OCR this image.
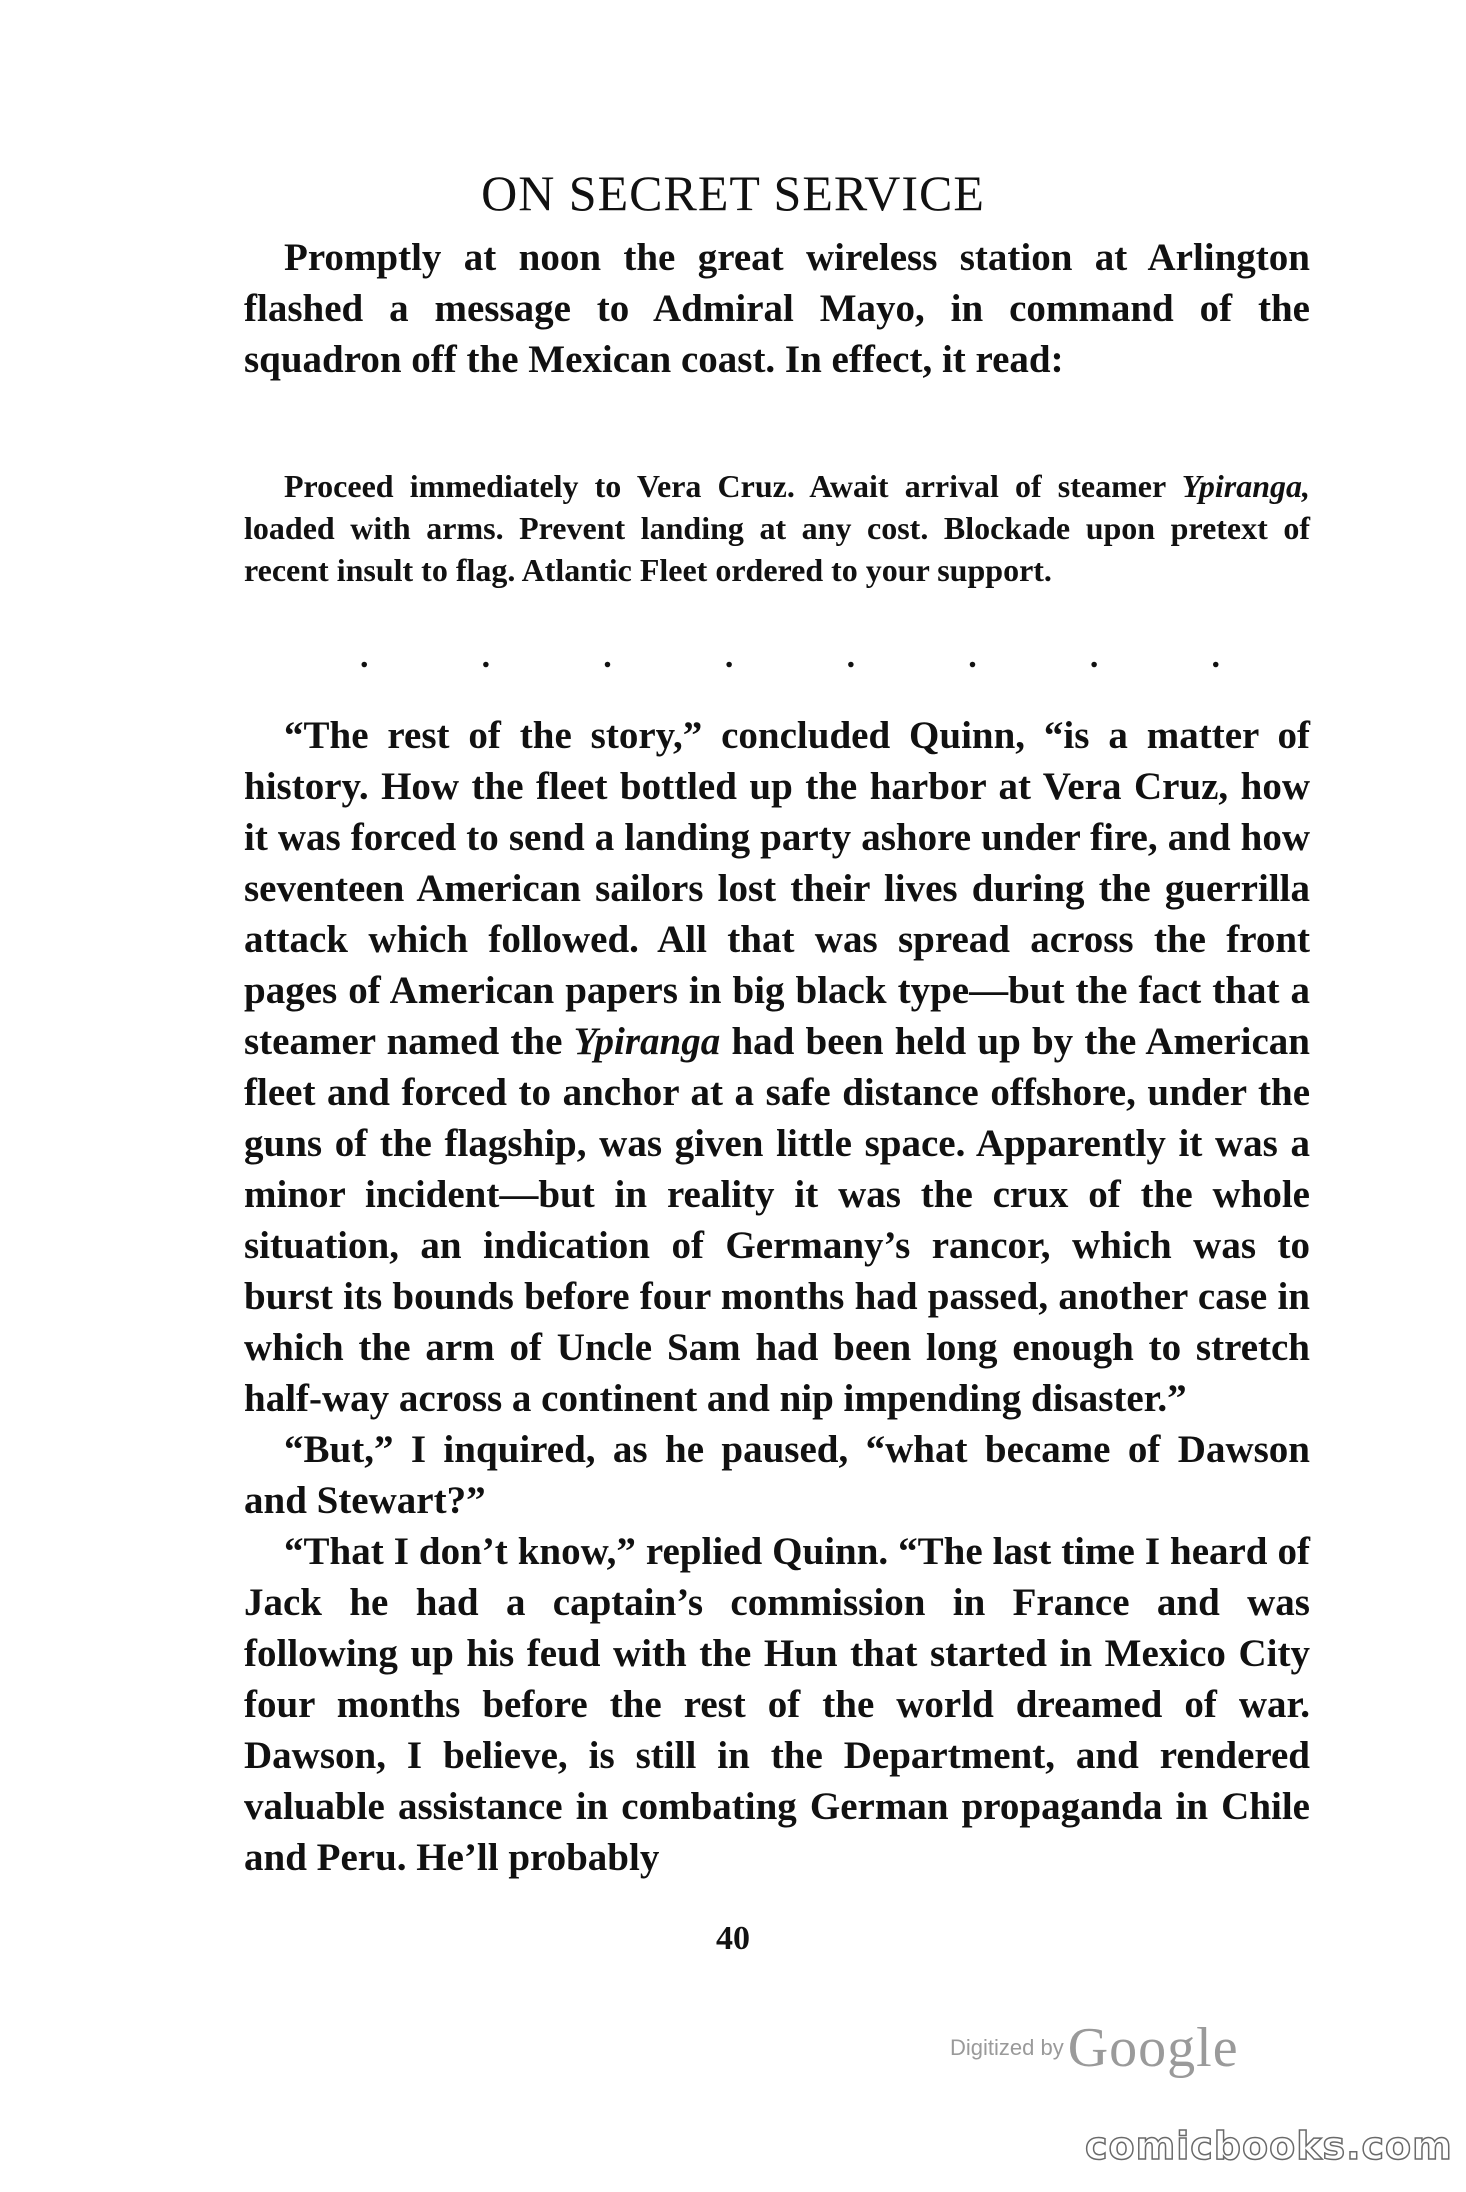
ON SECRET SERVICE

Promptly at noon the great wireless station at Arlington flashed a message to Admiral Mayo, in command of the squadron off the Mexican coast. In effect, it read:

Proceed immediately to Vera Cruz. Await arrival of steamer Ypiranga, loaded with arms. Prevent landing at any cost. Blockade upon pretext of recent insult to flag. Atlantic Fleet ordered to your support.

.	.	.	.	.	.	.	.

“The rest of the story,” concluded Quinn, “is a matter of history. How the fleet bottled up the harbor at Vera Cruz, how it was forced to send a landing party ashore under fire, and how seventeen American sailors lost their lives during the guerrilla attack which followed. All that was spread across the front pages of American papers in big black type—but the fact that a steamer named the Ypiranga had been held up by the American fleet and forced to anchor at a safe distance offshore, under the guns of the flagship, was given little space. Apparently it was a minor incident—but in reality it was the crux of the whole situation, an indication of Germany’s rancor, which was to burst its bounds before four months had passed, another case in which the arm of Uncle Sam had been long enough to stretch half-way across a continent and nip impending disaster.”

“But,” I inquired, as he paused, “what became of Dawson and Stewart?”

“That I don’t know,” replied Quinn. “The last time I heard of Jack he had a captain’s commission in France and was following up his feud with the Hun that started in Mexico City four months before the rest of the world dreamed of war. Dawson, I believe, is still in the Department, and rendered valuable assistance in combating German propaganda in Chile and Peru. He’ll probably

40
Digitized by Google
comicbooks.com
